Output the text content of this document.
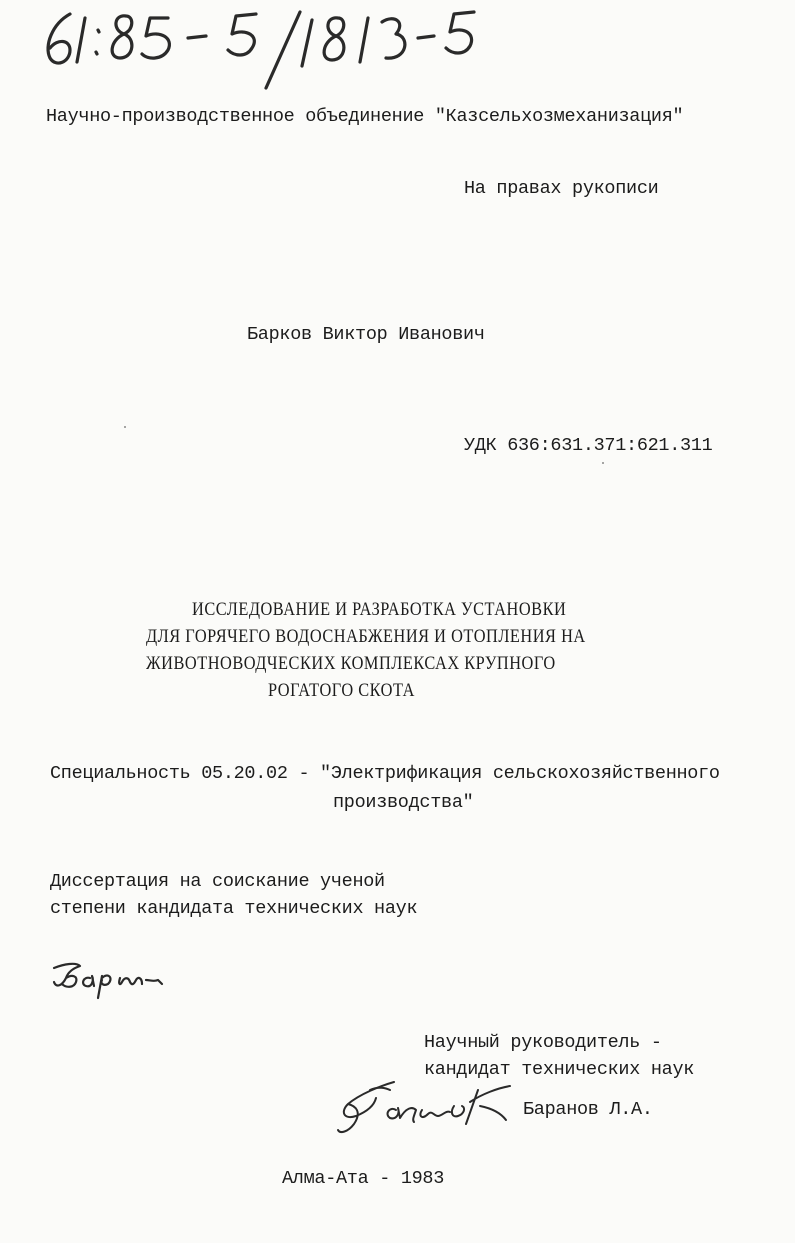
Научно-производственное объединение "Казсельхозмеханизация"
На правах рукописи
Барков Виктор Иванович
УДК 636:631.371:621.311
ИССЛЕДОВАНИЕ И РАЗРАБОТКА УСТАНОВКИ
ДЛЯ ГОРЯЧЕГО ВОДОСНАБЖЕНИЯ И ОТОПЛЕНИЯ НА
ЖИВОТНОВОДЧЕСКИХ КОМПЛЕКСАХ КРУПНОГО
РОГАТОГО СКОТА
Специальность 05.20.02 - "Электрификация сельскохозяйственного
производства"
Диссертация на соискание ученой
степени кандидата технических наук
Научный руководитель -
кандидат технических наук
Баранов Л.А.
Алма-Ата - 1983
